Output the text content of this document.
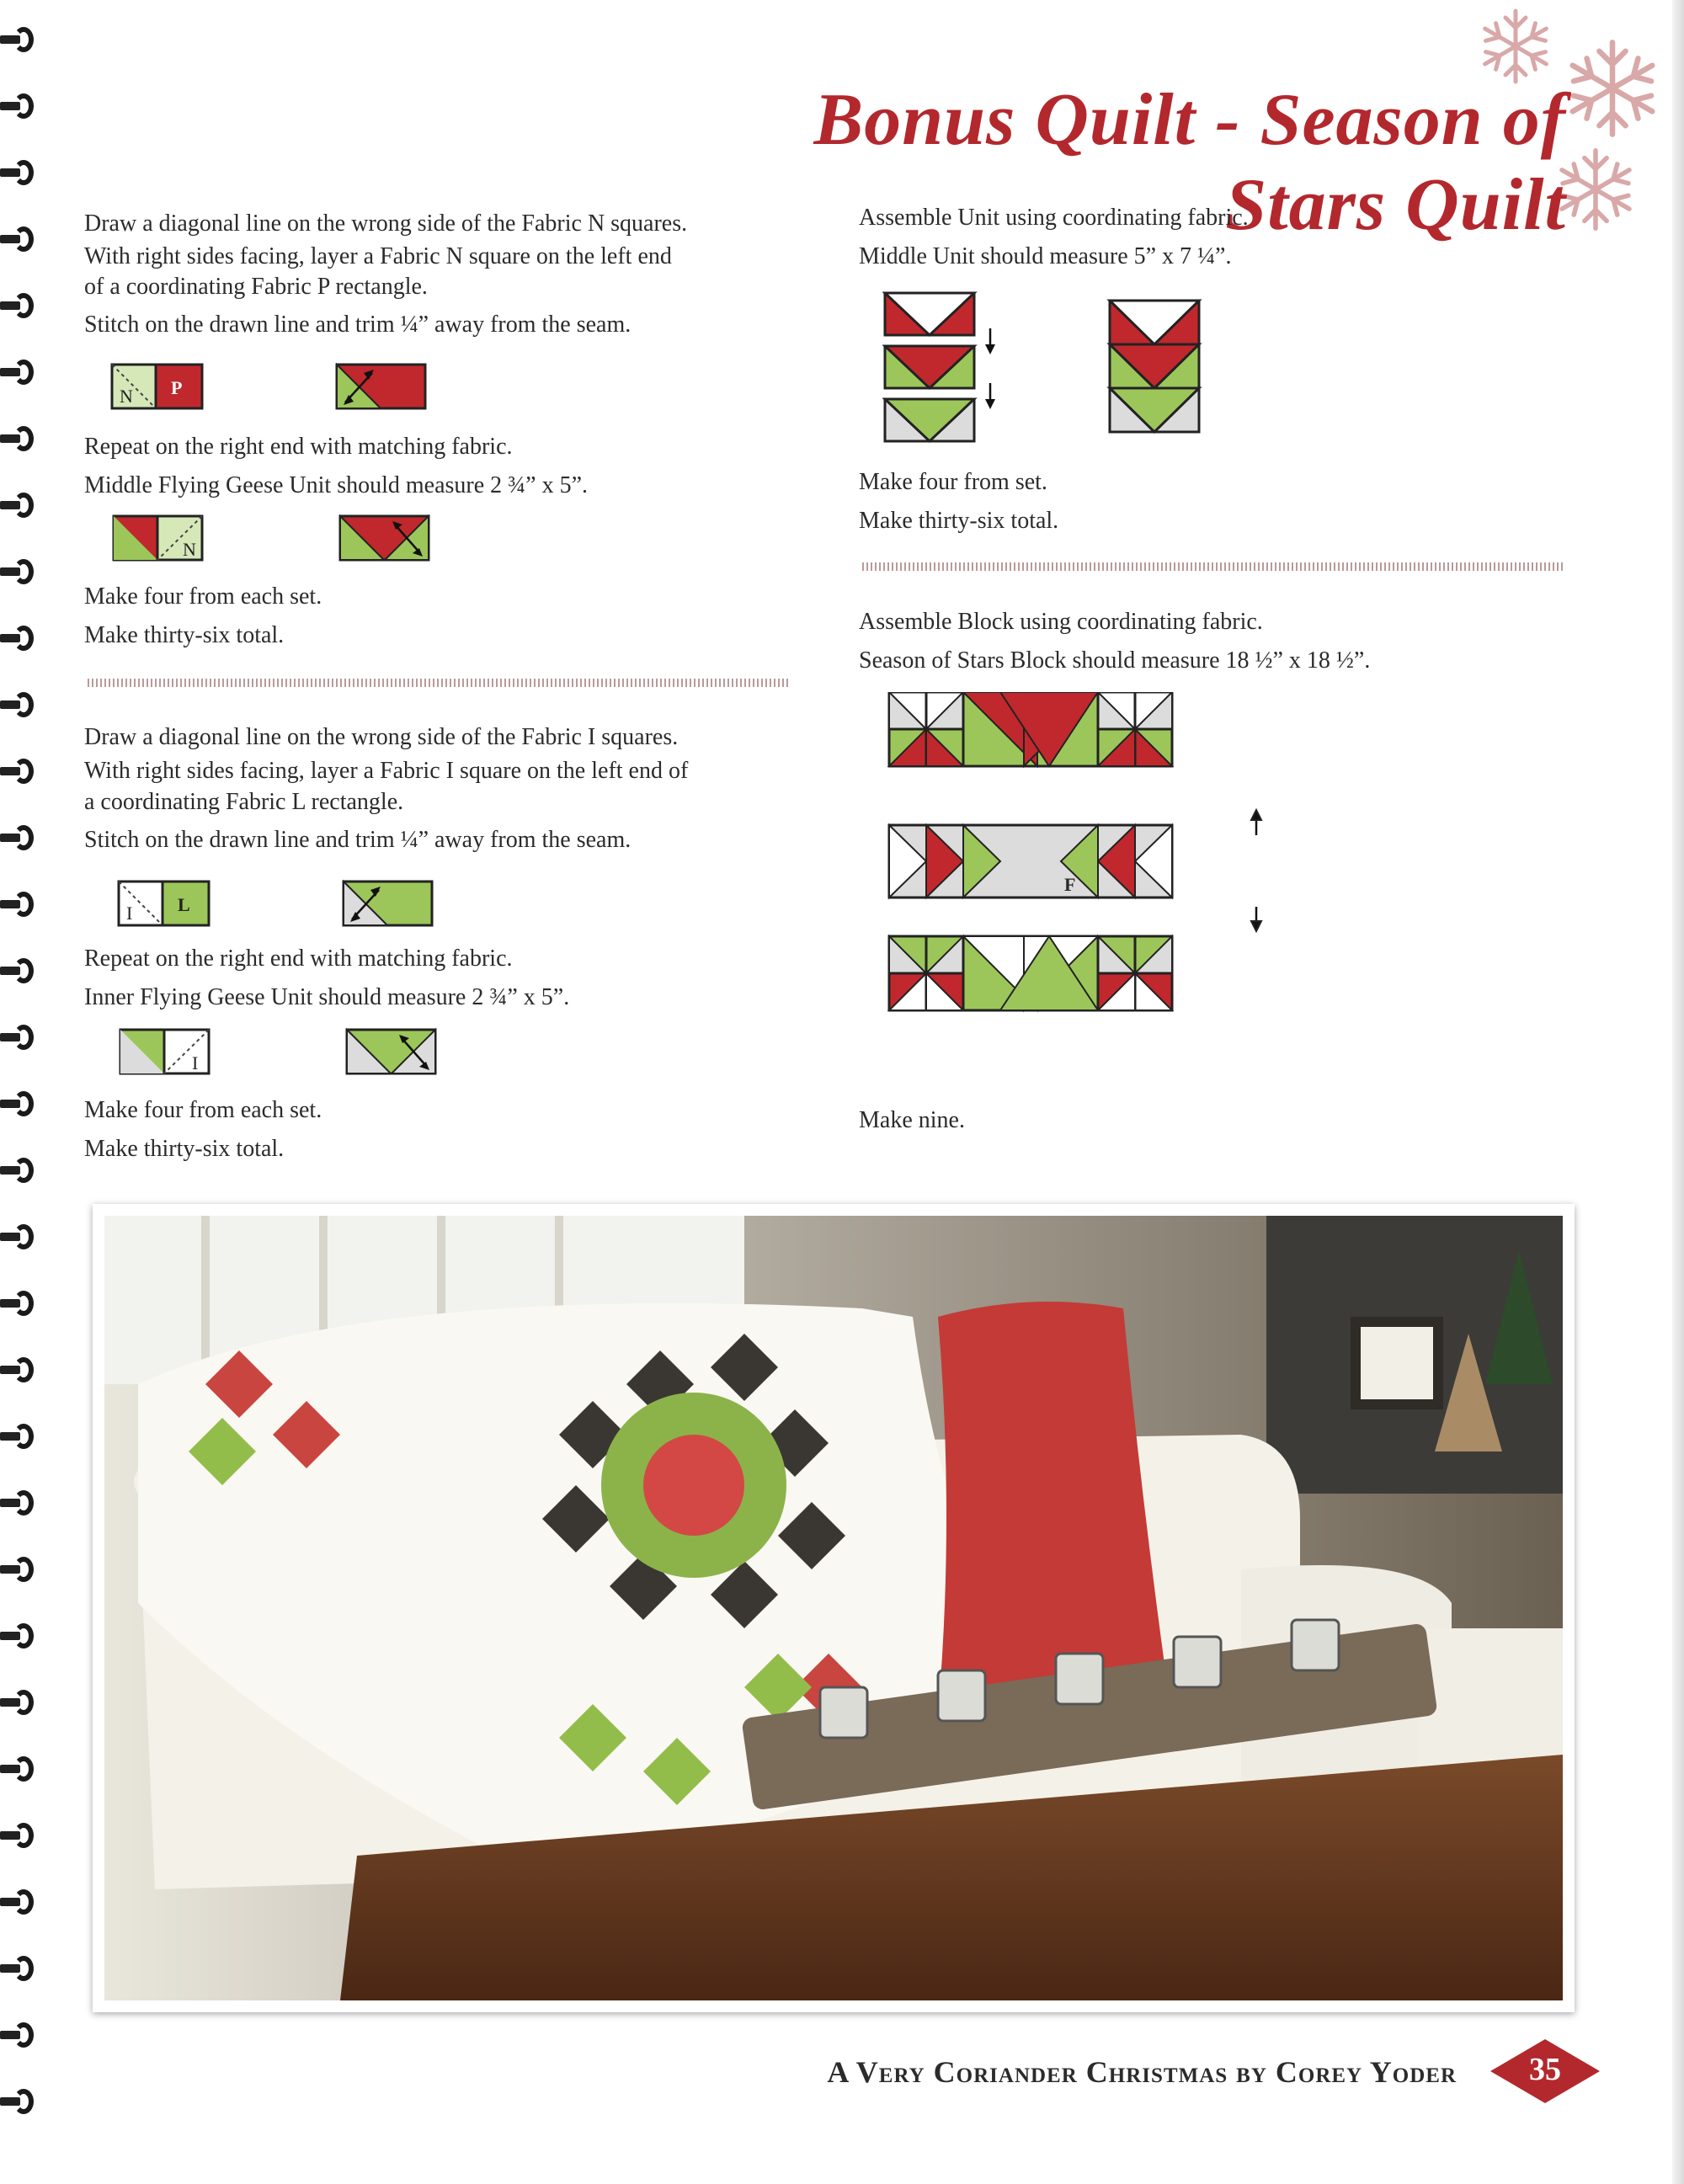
Bonus Quilt - Season of Stars Quilt

Draw a diagonal line on the wrong side of the Fabric N squares.

With right sides facing, layer a Fabric N square on the left end

of a coordinating Fabric P rectangle.

Stitch on the drawn line and trim ¼” away from the seam.

N P

Repeat on the right end with matching fabric.

Middle Flying Geese Unit should measure 2 ¾” x 5”.

N

Make four from each set.

Make thirty-six total.

Draw a diagonal line on the wrong side of the Fabric I squares.

With right sides facing, layer a Fabric I square on the left end of

a coordinating Fabric L rectangle.

Stitch on the drawn line and trim ¼” away from the seam.

I L

Repeat on the right end with matching fabric.

Inner Flying Geese Unit should measure 2 ¾” x 5”.

I

Make four from each set.

Make thirty-six total.

Assemble Unit using coordinating fabric.

Middle Unit should measure 5” x 7 ¼”.

Make four from set.

Make thirty-six total.

Assemble Block using coordinating fabric.

Season of Stars Block should measure 18 ½” x 18 ½”.

F

Make nine.

A Very Coriander Christmas by Corey Yoder	35
